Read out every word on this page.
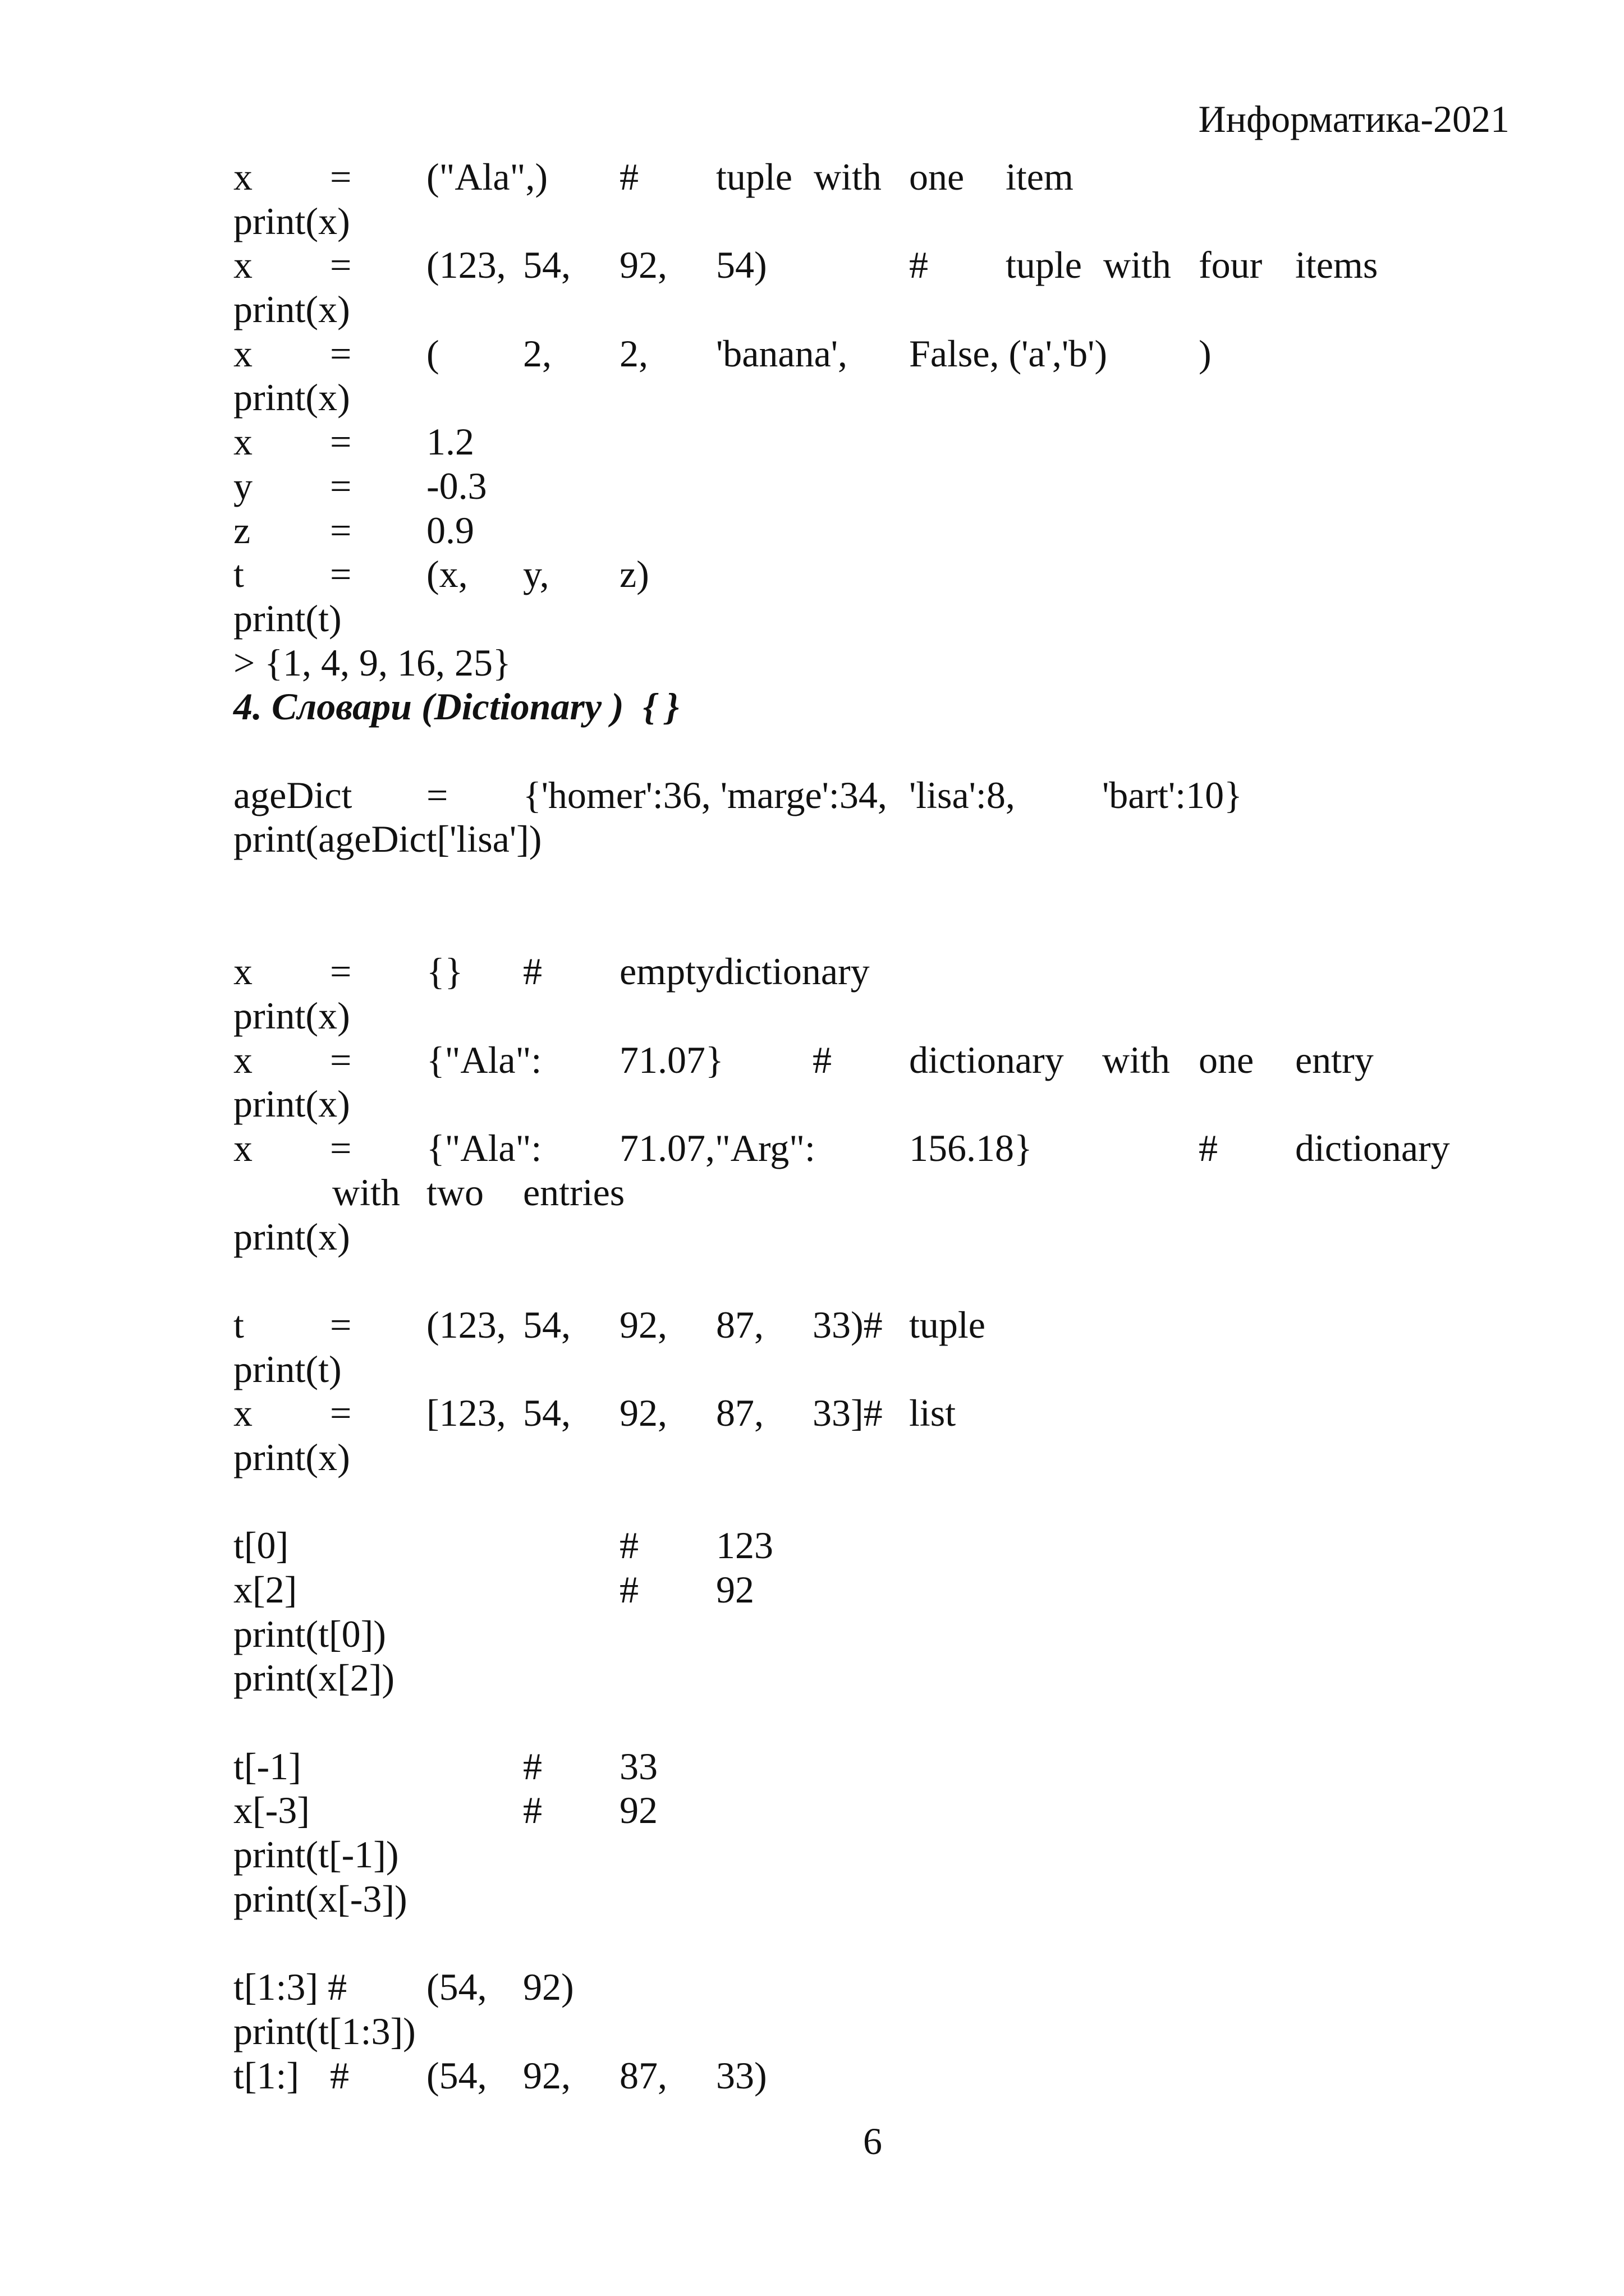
Информатика-2021
x = ("Ala",) # tuple with one item
print(x)
x = (123, 54, 92, 54)	# tuple with four items
print(x)
x = ( 2, 2, 'banana', False, ('a','b') )
print(x)
x = 1.2
y = -0.3
z = 0.9
t = (x, y, z)
print(t)
> {1, 4, 9, 16, 25}
4. Словари (Dictionary )  { }
ageDict = {'homer':36, 'marge':34, 'lisa':8, 'bart':10}
print(ageDict['lisa'])
x = {} # emptydictionary
print(x)
x = {"Ala": 71.07} # dictionary with one entry
print(x)
x = {"Ala": 71.07,"Arg": 156.18}	# dictionary
with two entries
print(x)
t = (123, 54, 92, 87, 33)# tuple
print(t)
x = [123, 54, 92, 87, 33]# list
print(x)
t[0]	# 123
x[2]	# 92
print(t[0])
print(x[2])
t[-1]	# 33
x[-3]	# 92
print(t[-1])
print(x[-3])
t[1:3] # (54, 92)
print(t[1:3])
t[1:] # (54, 92, 87, 33)
6
